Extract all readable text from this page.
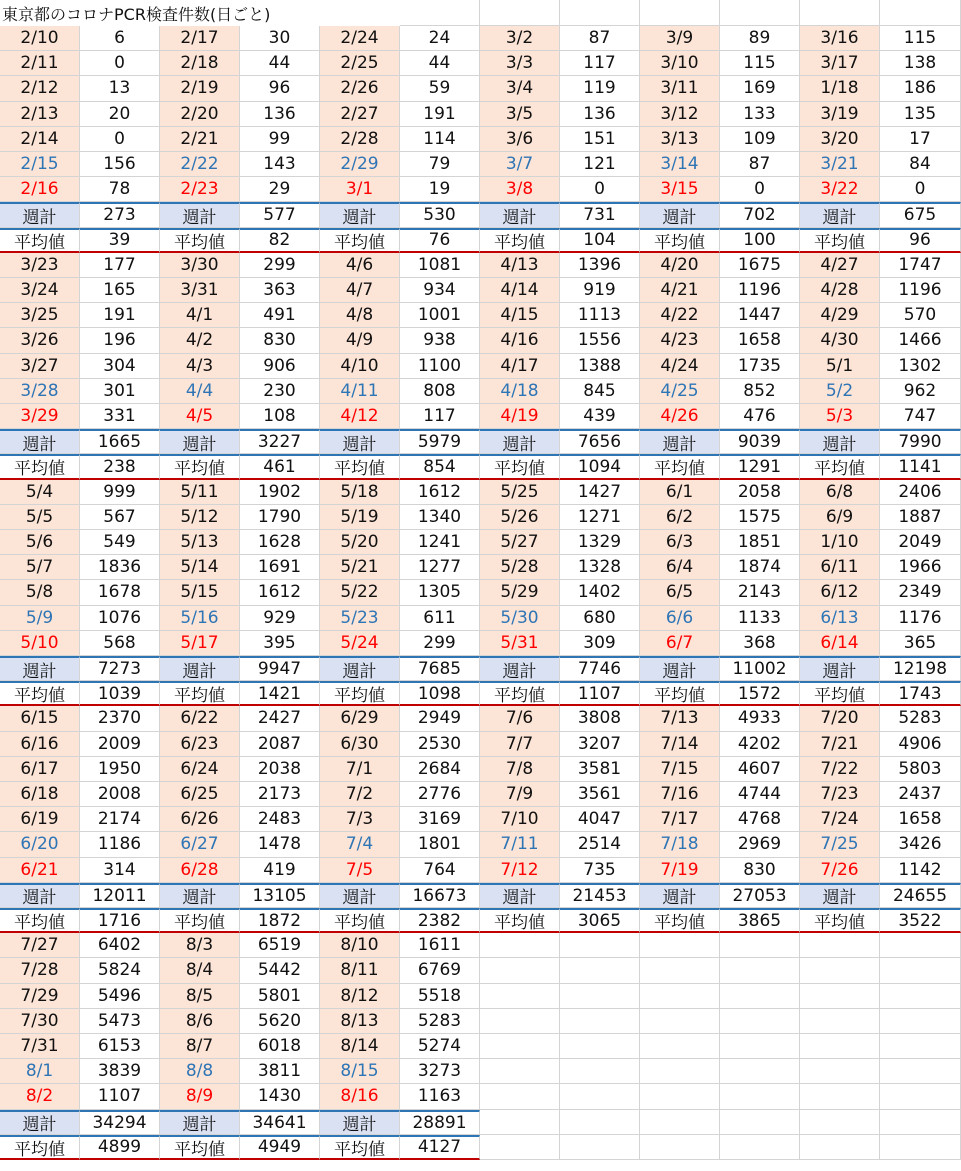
東京都のコロナPCR検査件数(日ごと)
2/10	6
2/11	0
2/12	13
2/13	20
2/14	0
2/15	156
2/16	78
週計	273
平均値	39
2/17	30
2/18	44
2/19	96
2/20	136
2/21	99
2/22	143
2/23	29
週計	577
平均値	82
2/24	24
2/25	44
2/26	59
2/27	191
2/28	114
2/29	79
3/1	19
週計	530
平均値	76
3/2	87
3/3	117
3/4	119
3/5	136
3/6	151
3/7	121
3/8	0
週計	731
平均値	104
3/9	89
3/10	115
3/11	169
3/12	133
3/13	109
3/14	87
3/15	0
週計	702
平均値	100
3/16	115
3/17	138
1/18	186
3/19	135
3/20	17
3/21	84
3/22	0
週計	675
平均値	96
3/23	177
3/24	165
3/25	191
3/26	196
3/27	304
3/28	301
3/29	331
週計	1665
平均値	238
3/30	299
3/31	363
4/1	491
4/2	830
4/3	906
4/4	230
4/5	108
週計	3227
平均値	461
4/6	1081
4/7	934
4/8	1001
4/9	938
4/10	1100
4/11	808
4/12	117
週計	5979
平均値	854
4/13	1396
4/14	919
4/15	1113
4/16	1556
4/17	1388
4/18	845
4/19	439
週計	7656
平均値	1094
4/20	1675
4/21	1196
4/22	1447
4/23	1658
4/24	1735
4/25	852
4/26	476
週計	9039
平均値	1291
4/27	1747
4/28	1196
4/29	570
4/30	1466
5/1	1302
5/2	962
5/3	747
週計	7990
平均値	1141
5/4	999
5/5	567
5/6	549
5/7	1836
5/8	1678
5/9	1076
5/10	568
週計	7273
平均値	1039
5/11	1902
5/12	1790
5/13	1628
5/14	1691
5/15	1612
5/16	929
5/17	395
週計	9947
平均値	1421
5/18	1612
5/19	1340
5/20	1241
5/21	1277
5/22	1305
5/23	611
5/24	299
週計	7685
平均値	1098
5/25	1427
5/26	1271
5/27	1329
5/28	1328
5/29	1402
5/30	680
5/31	309
週計	7746
平均値	1107
6/1	2058
6/2	1575
6/3	1851
6/4	1874
6/5	2143
6/6	1133
6/7	368
週計	11002
平均値	1572
6/8	2406
6/9	1887
1/10	2049
6/11	1966
6/12	2349
6/13	1176
6/14	365
週計	12198
平均値	1743
6/15	2370
6/16	2009
6/17	1950
6/18	2008
6/19	2174
6/20	1186
6/21	314
週計	12011
平均値	1716
6/22	2427
6/23	2087
6/24	2038
6/25	2173
6/26	2483
6/27	1478
6/28	419
週計	13105
平均値	1872
6/29	2949
6/30	2530
7/1	2684
7/2	2776
7/3	3169
7/4	1801
7/5	764
週計	16673
平均値	2382
7/6	3808
7/7	3207
7/8	3581
7/9	3561
7/10	4047
7/11	2514
7/12	735
週計	21453
平均値	3065
7/13	4933
7/14	4202
7/15	4607
7/16	4744
7/17	4768
7/18	2969
7/19	830
週計	27053
平均値	3865
7/20	5283
7/21	4906
7/22	5803
7/23	2437
7/24	1658
7/25	3426
7/26	1142
週計	24655
平均値	3522
7/27	6402
7/28	5824
7/29	5496
7/30	5473
7/31	6153
8/1	3839
8/2	1107
週計	34294
平均値	4899
8/3	6519
8/4	5442
8/5	5801
8/6	5620
8/7	6018
8/8	3811
8/9	1430
週計	34641
平均値	4949
8/10	1611
8/11	6769
8/12	5518
8/13	5283
8/14	5274
8/15	3273
8/16	1163
週計	28891
平均値	4127
